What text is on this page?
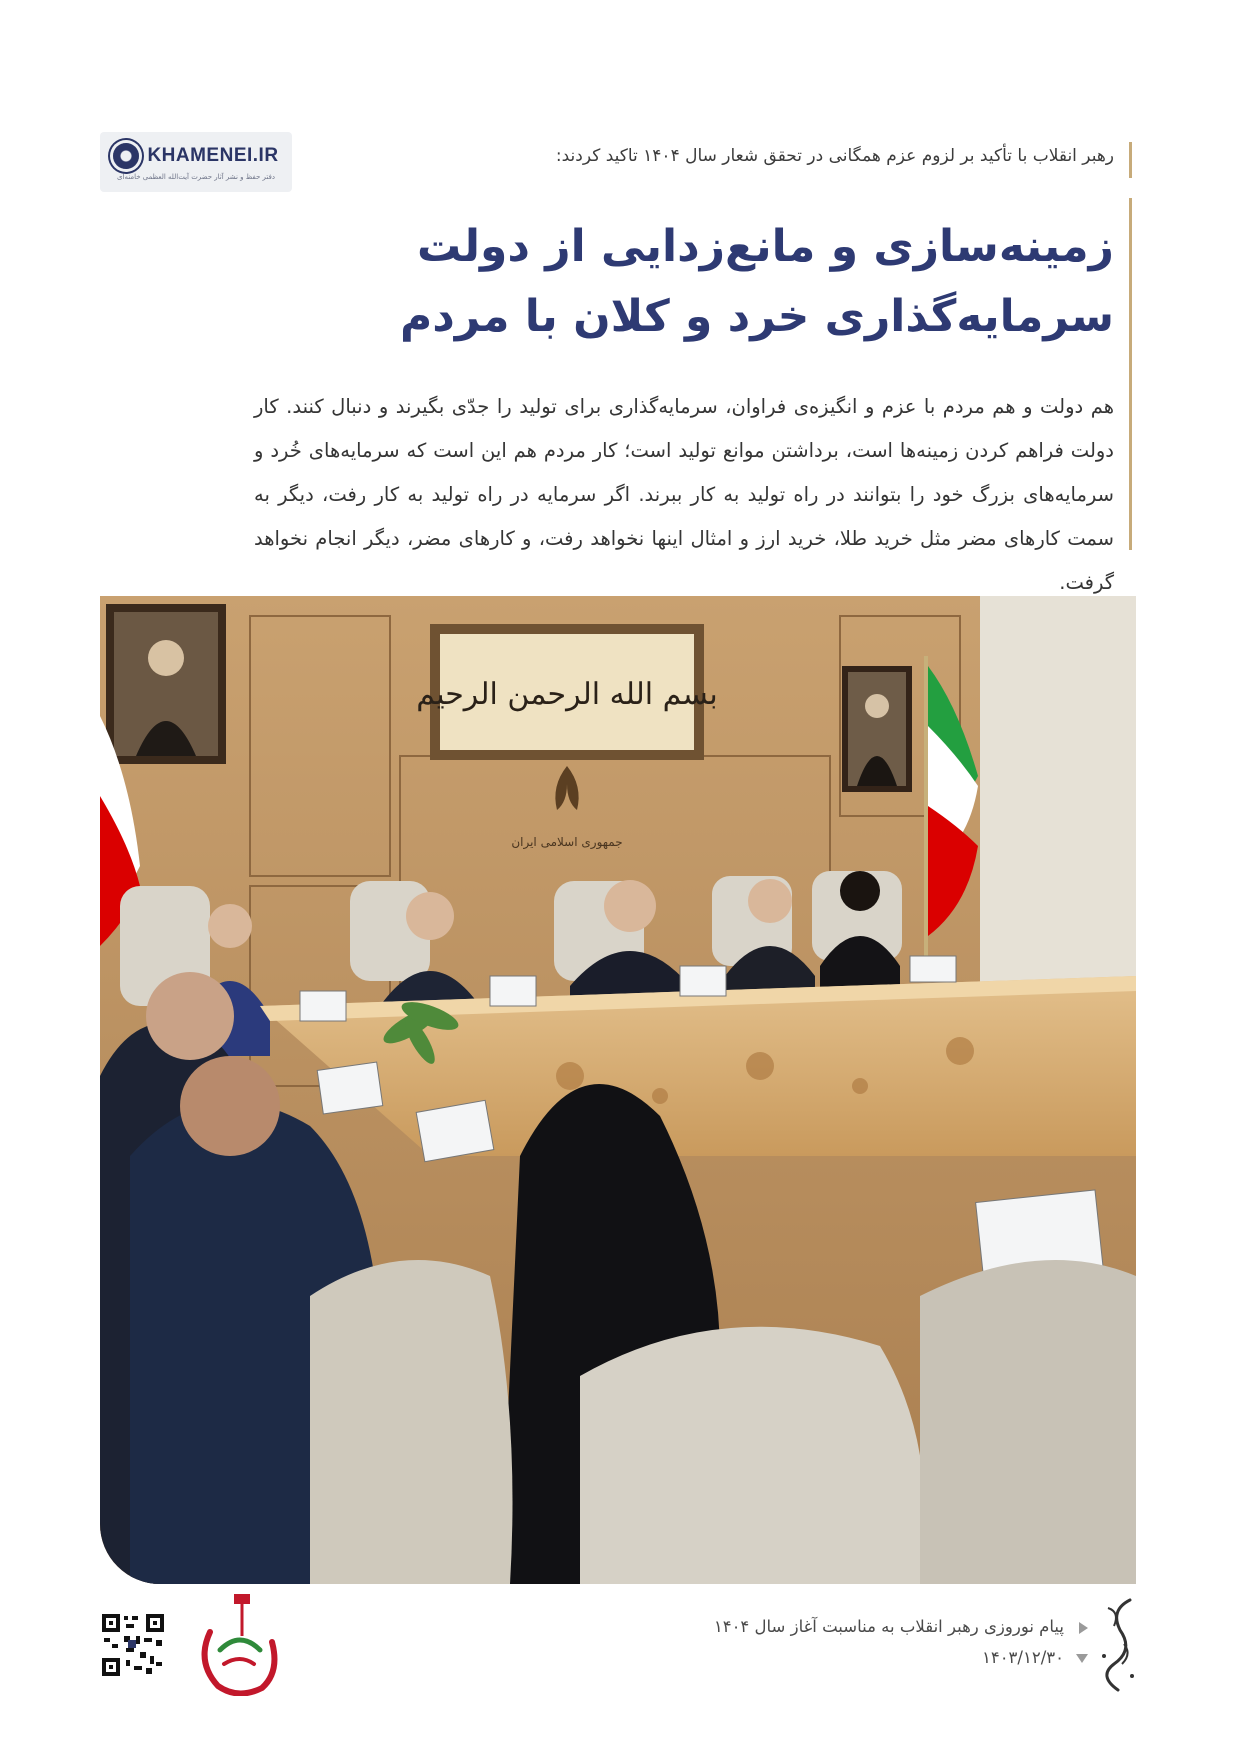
KHAMENEI.IR
دفتر حفظ و نشر آثار حضرت آیت‌الله العظمی خامنه‌ای
رهبر انقلاب با تأکید بر لزوم عزم همگانی در تحقق شعار سال ۱۴۰۴ تاکید کردند:
زمینه‌سازی و مانع‌زدایی از دولت
سرمایه‌گذاری خرد و کلان با مردم
هم دولت و هم مردم با عزم و انگیزه‌ی فراوان، سرمایه‌گذاری برای تولید را جدّی بگیرند و دنبال کنند. کار دولت فراهم کردن زمینه‌ها است، برداشتن موانع تولید است؛ کار مردم هم این است که سرمایه‌های خُرد و سرمایه‌های بزرگ خود را بتوانند در راه تولید به کار ببرند. اگر سرمایه در راه تولید به کار رفت، دیگر به سمت کارهای مضر مثل خرید طلا، خرید ارز و امثال اینها نخواهد رفت، و کارهای مضر، دیگر انجام نخواهد گرفت.
بسم الله الرحمن الرحیم
جمهوری اسلامی ایران
پیام نوروزی رهبر انقلاب به مناسبت آغاز سال ۱۴۰۴
۱۴۰۳/۱۲/۳۰
